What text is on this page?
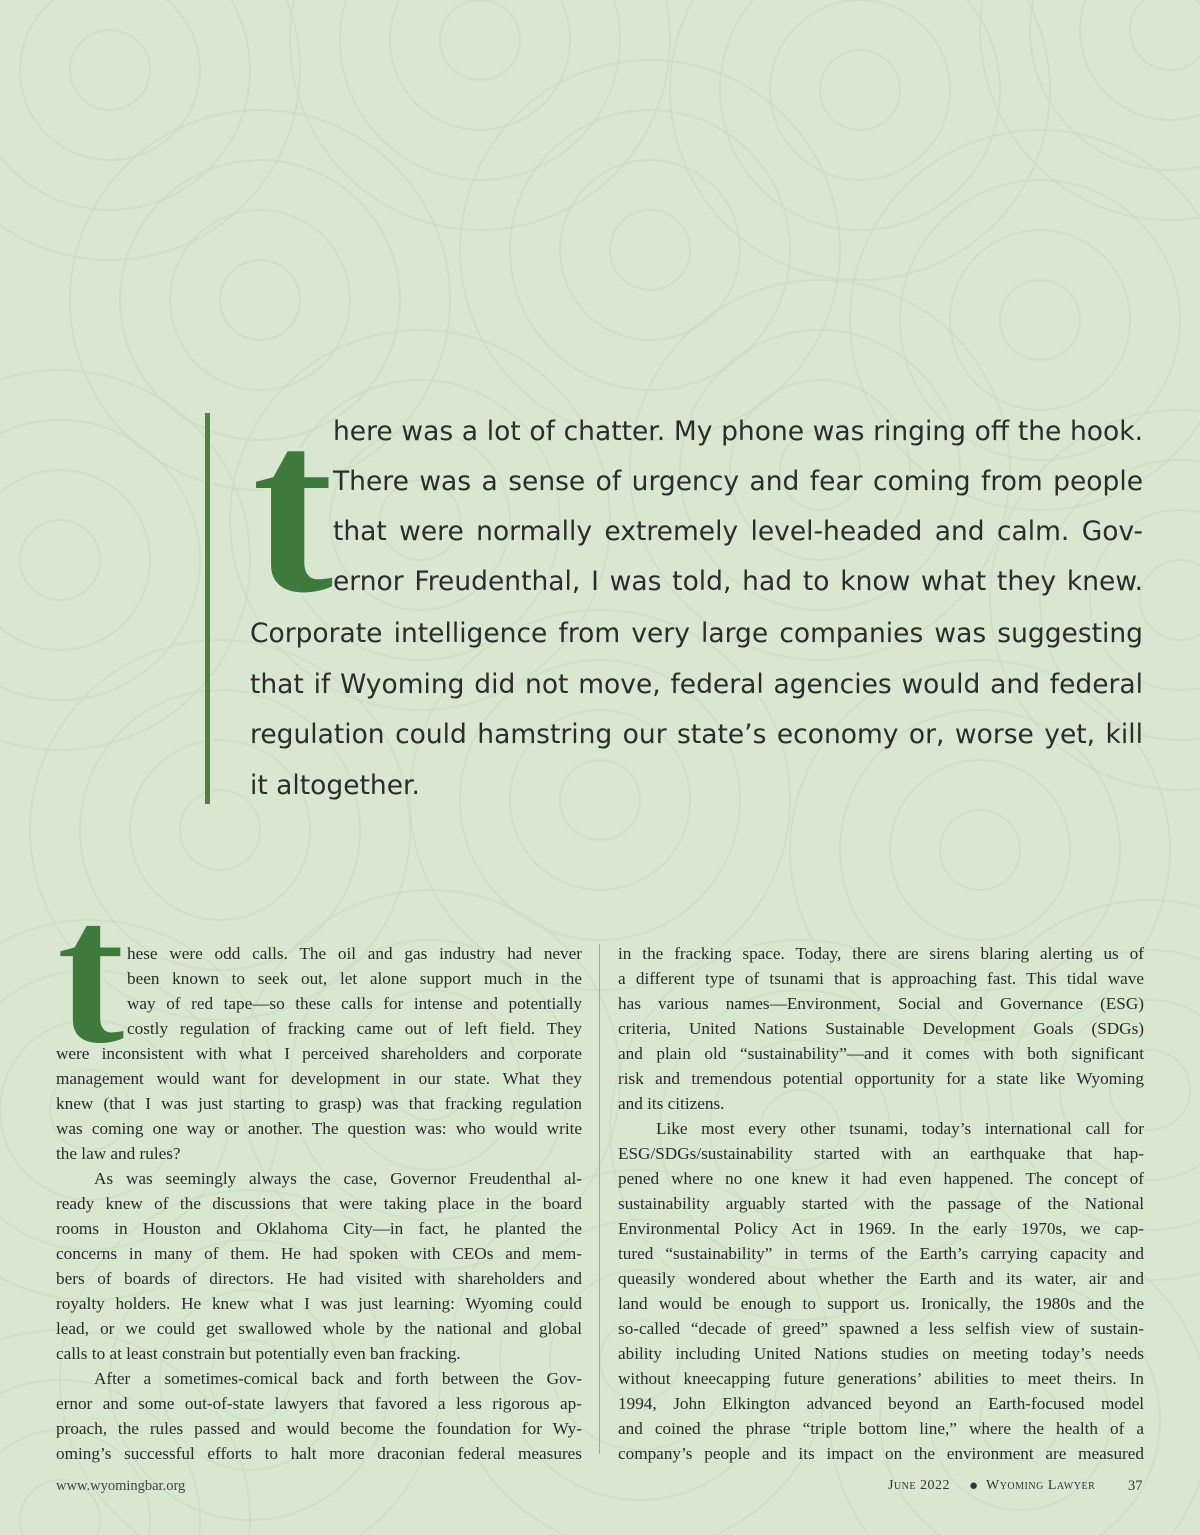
t
here was a lot of chatter. My phone was ringing off the hook.
There was a sense of urgency and fear coming from people
that were normally extremely level-headed and calm. Gov-
ernor Freudenthal, I was told, had to know what they knew.
Corporate intelligence from very large companies was suggesting
that if Wyoming did not move, federal agencies would and federal
regulation could hamstring our state’s economy or, worse yet, kill
it altogether.
t hese were odd calls. The oil and gas industry had never
been known to seek out, let alone support much in the
way of red tape—so these calls for intense and potentially
costly regulation of fracking came out of left field. They
were inconsistent with what I perceived shareholders and corporate
management would want for development in our state. What they
knew (that I was just starting to grasp) was that fracking regulation
was coming one way or another. The question was: who would write
the law and rules?
As was seemingly always the case, Governor Freudenthal al-
ready knew of the discussions that were taking place in the board
rooms in Houston and Oklahoma City—in fact, he planted the
concerns in many of them. He had spoken with CEOs and mem-
bers of boards of directors. He had visited with shareholders and
royalty holders. He knew what I was just learning: Wyoming could
lead, or we could get swallowed whole by the national and global
calls to at least constrain but potentially even ban fracking.
After a sometimes-comical back and forth between the Gov-
ernor and some out-of-state lawyers that favored a less rigorous ap-
proach, the rules passed and would become the foundation for Wy-
oming’s successful efforts to halt more draconian federal measures
in the fracking space. Today, there are sirens blaring alerting us of
a different type of tsunami that is approaching fast. This tidal wave
has various names—Environment, Social and Governance (ESG)
criteria, United Nations Sustainable Development Goals (SDGs)
and plain old “sustainability”—and it comes with both significant
risk and tremendous potential opportunity for a state like Wyoming
and its citizens.
Like most every other tsunami, today’s international call for
ESG/SDGs/sustainability started with an earthquake that hap-
pened where no one knew it had even happened. The concept of
sustainability arguably started with the passage of the National
Environmental Policy Act in 1969. In the early 1970s, we cap-
tured “sustainability” in terms of the Earth’s carrying capacity and
queasily wondered about whether the Earth and its water, air and
land would be enough to support us. Ironically, the 1980s and the
so-called “decade of greed” spawned a less selfish view of sustain-
ability including United Nations studies on meeting today’s needs
without kneecapping future generations’ abilities to meet theirs. In
1994, John Elkington advanced beyond an Earth-focused model
and coined the phrase “triple bottom line,” where the health of a
company’s people and its impact on the environment are measured
www.wyomingbar.org	June 2022 ● Wyoming Lawyer 37
